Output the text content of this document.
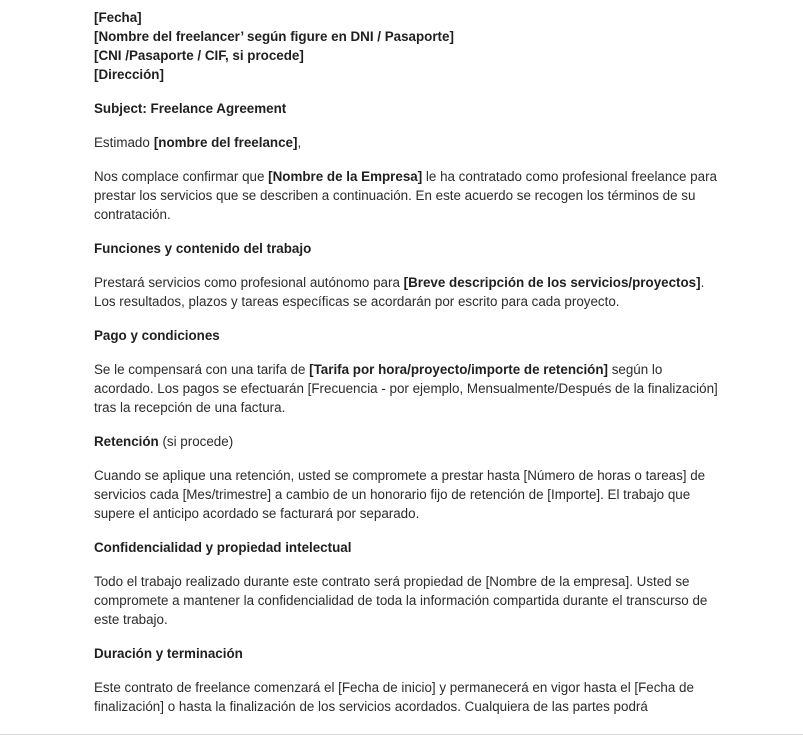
[Fecha]
[Nombre del freelancer’ según figure en DNI / Pasaporte]
[CNI /Pasaporte / CIF, si procede]
[Dirección]

Subject: Freelance Agreement

Estimado [nombre del freelance],

Nos complace confirmar que [Nombre de la Empresa] le ha contratado como profesional freelance para prestar los servicios que se describen a continuación. En este acuerdo se recogen los términos de su contratación.

Funciones y contenido del trabajo

Prestará servicios como profesional autónomo para [Breve descripción de los servicios/proyectos]. Los resultados, plazos y tareas específicas se acordarán por escrito para cada proyecto.

Pago y condiciones

Se le compensará con una tarifa de [Tarifa por hora/proyecto/importe de retención] según lo acordado. Los pagos se efectuarán [Frecuencia - por ejemplo, Mensualmente/Después de la finalización] tras la recepción de una factura.

Retención (si procede)

Cuando se aplique una retención, usted se compromete a prestar hasta [Número de horas o tareas] de servicios cada [Mes/trimestre] a cambio de un honorario fijo de retención de [Importe]. El trabajo que supere el anticipo acordado se facturará por separado.

Confidencialidad y propiedad intelectual

Todo el trabajo realizado durante este contrato será propiedad de [Nombre de la empresa]. Usted se compromete a mantener la confidencialidad de toda la información compartida durante el transcurso de este trabajo.

Duración y terminación

Este contrato de freelance comenzará el [Fecha de inicio] y permanecerá en vigor hasta el [Fecha de finalización] o hasta la finalización de los servicios acordados. Cualquiera de las partes podrá
